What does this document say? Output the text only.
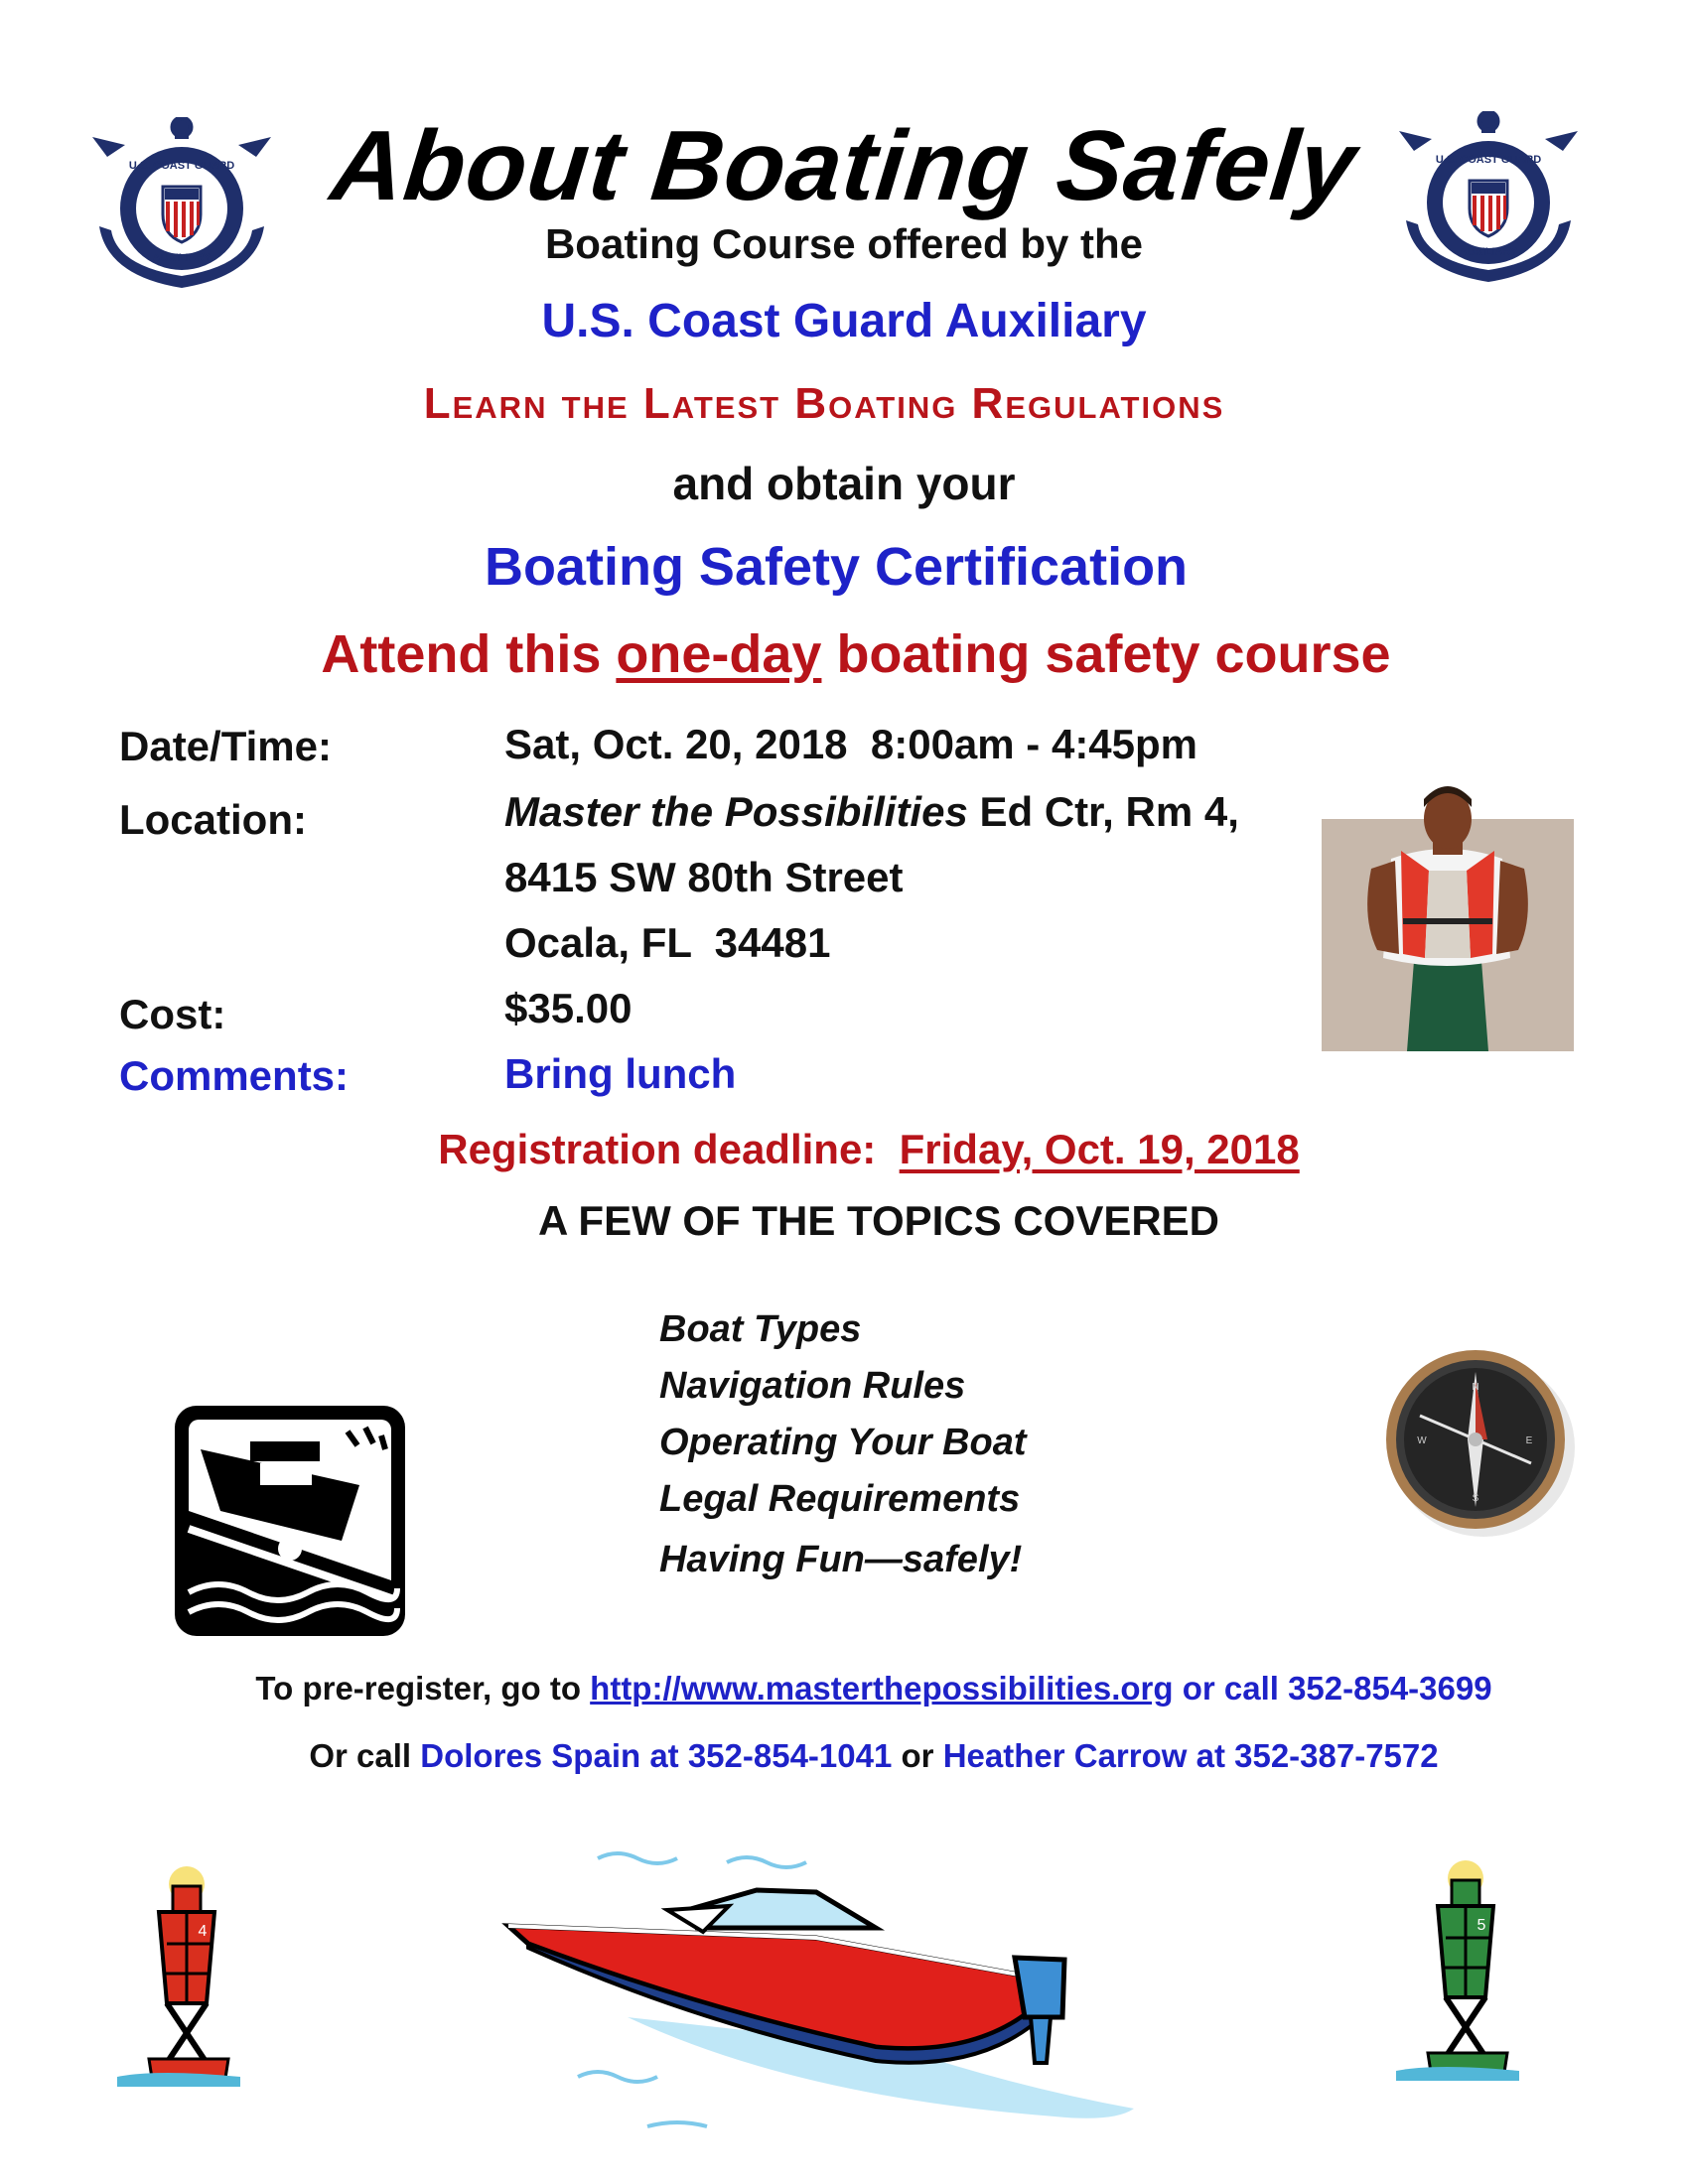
U.S. COAST GUARD
AUXILIARY
U.S. COAST GUARD
AUXILIARY
About Boating Safely
Boating Course offered by the
U.S. Coast Guard Auxiliary
Learn the Latest Boating Regulations
and obtain your
Boating Safety Certification
Attend this one-day boating safety course
Date/Time:	Sat, Oct. 20, 2018  8:00am - 4:45pm
Location:	Master the Possibilities Ed Ctr, Rm 4,
8415 SW 80th Street
Ocala, FL  34481
Cost:	$35.00
Comments:	Bring lunch
Registration deadline: Friday, Oct. 19, 2018
A FEW OF THE TOPICS COVERED
Boat Types
Navigation Rules
Operating Your Boat
Legal Requirements
Having Fun—safely!
N
S
E
W
To pre-register, go to http://www.masterthepossibilities.org or call 352-854-3699
Or call Dolores Spain at 352-854-1041 or Heather Carrow at 352-387-7572
4	5
